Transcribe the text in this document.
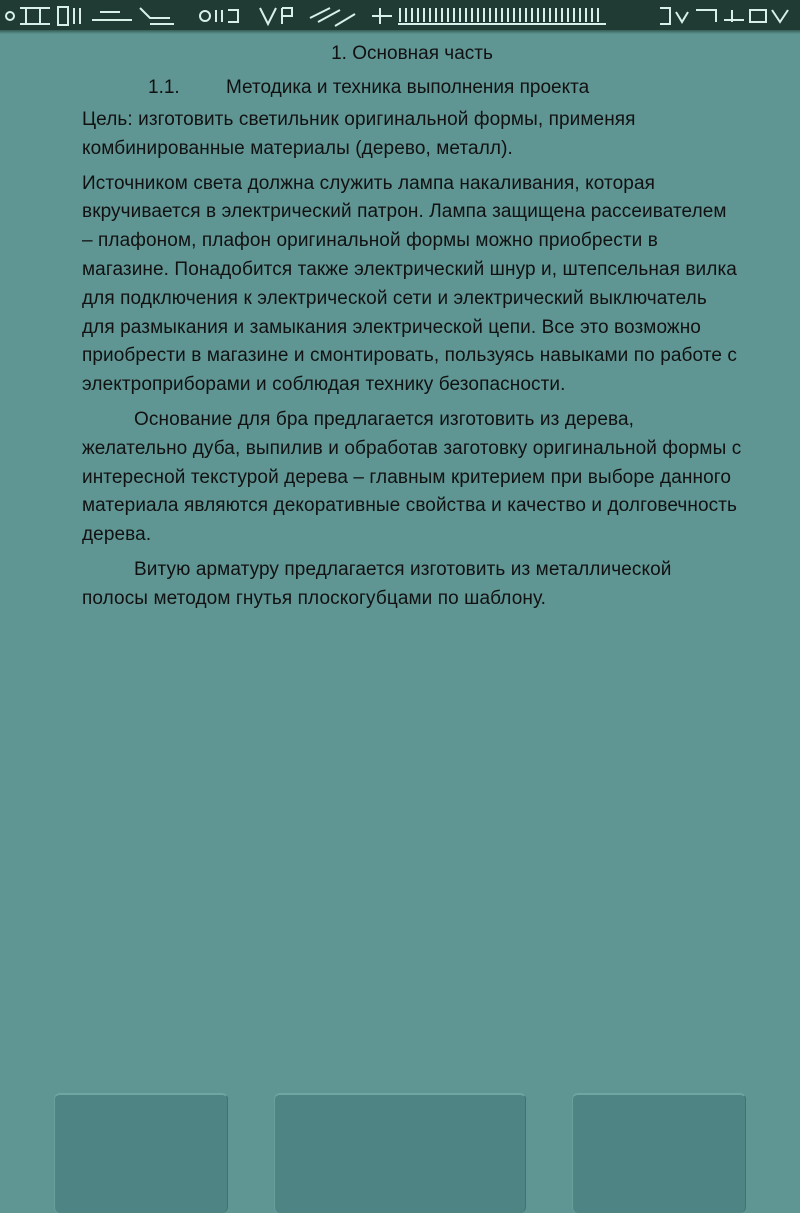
1. Основная часть

1.1. Методика и техника выполнения проекта

Цель: изготовить светильник оригинальной формы, применяя комбинированные материалы (дерево, металл).

Источником света должна служить лампа накаливания, которая вкручивается в электрический патрон. Лампа защищена рассеивателем – плафоном, плафон оригинальной формы можно приобрести в магазине. Понадобится также электрический шнур и, штепсельная вилка для подключения к электрической сети и электрический выключатель для размыкания и замыкания электрической цепи. Все это возможно приобрести в магазине и смонтировать, пользуясь навыками по работе с электроприборами и соблюдая технику безопасности.

Основание для бра предлагается изготовить из дерева, желательно дуба, выпилив и обработав заготовку оригинальной формы с интересной текстурой дерева – главным критерием при выборе данного материала являются декоративные свойства и качество и долговечность дерева.

Витую арматуру предлагается изготовить из металлической полосы методом гнутья плоскогубцами по шаблону.
